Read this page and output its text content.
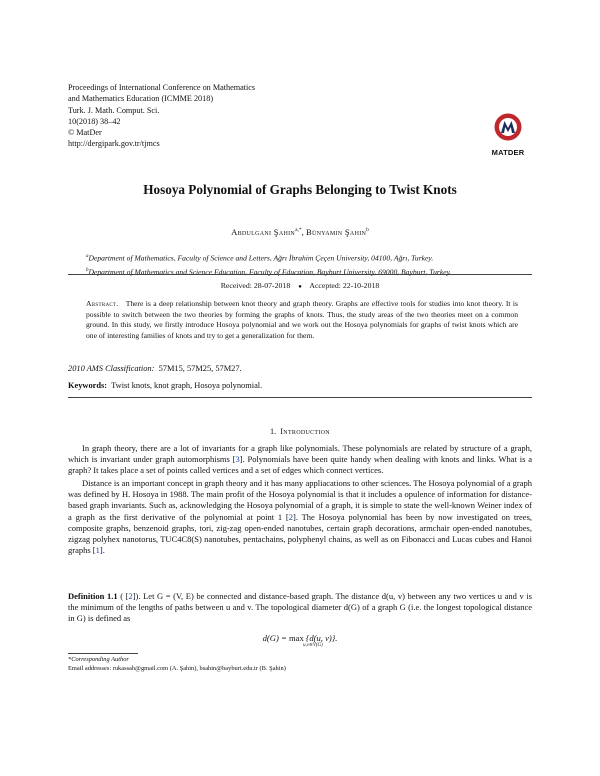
Proceedings of International Conference on Mathematics
and Mathematics Education (ICMME 2018)
Turk. J. Math. Comput. Sci.
10(2018) 38–42
© MatDer
http://dergipark.gov.tr/tjmcs
MATDER
Hosoya Polynomial of Graphs Belonging to Twist Knots
Abdulgani Şahin$^{a,*}$, Bünyamin Şahin$^b$
$^a$Department of Mathematics, Faculty of Science and Letters, Ağrı İbrahim Çeçen University, 04100, Ağrı, Turkey.
$^b$Department of Mathematics and Science Education, Faculty of Education, Bayburt University, 69000, Bayburt, Turkey.
Received: 28-07-2018 ● Accepted: 22-10-2018
Abstract. There is a deep relationship between knot theory and graph theory. Graphs are effective tools for studies into knot theory. It is possible to switch between the two theories by forming the graphs of knots. Thus, the study areas of the two theories meet on a common ground. In this study, we firstly introduce Hosoya polynomial and we work out the Hosoya polynomials for graphs of twist knots which are one of interesting families of knots and try to get a generalization for them.
2010 AMS Classification: 57M15, 57M25, 57M27.
Keywords: Twist knots, knot graph, Hosoya polynomial.
1. Introduction
In graph theory, there are a lot of invariants for a graph like polynomials. These polynomials are related by structure of a graph, which is invariant under graph automorphisms [3]. Polynomials have been quite handy when dealing with knots and links. What is a graph? It takes place a set of points called vertices and a set of edges which connect vertices.
Distance is an important concept in graph theory and it has many appliacations to other sciences. The Hosoya polynomial of a graph was defined by H. Hosoya in 1988. The main profit of the Hosoya polynomial is that it includes a opulence of information for distance-based graph invariants. Such as, acknowledging the Hosoya polynomial of a graph, it is simple to state the well-known Weiner index of a graph as the first derivative of the polynomial at point 1 [2]. The Hosoya polynomial has been by now investigated on trees, composite graphs, benzenoid graphs, tori, zig-zag open-ended nanotubes, certain graph decorations, armchair open-ended nanotubes, zigzag polyhex nanotorus, TUC4C8(S) nanotubes, pentachains, polyphenyl chains, as well as on Fibonacci and Lucas cubes and Hanoi graphs [1].
Definition 1.1 ( [2]). Let G = (V, E) be connected and distance-based graph. The distance d(u, v) between any two vertices u and v is the minimum of the lengths of paths between u and v. The topological diameter d(G) of a graph G (i.e. the longest topological distance in G) is defined as
d(G) = max {d(u, v)}.
u,v∈V(G)
*Corresponding Author
Email addresses: rukassah@gmail.com (A. Şahin), bsahin@bayburt.edu.tr (B. Şahin)
